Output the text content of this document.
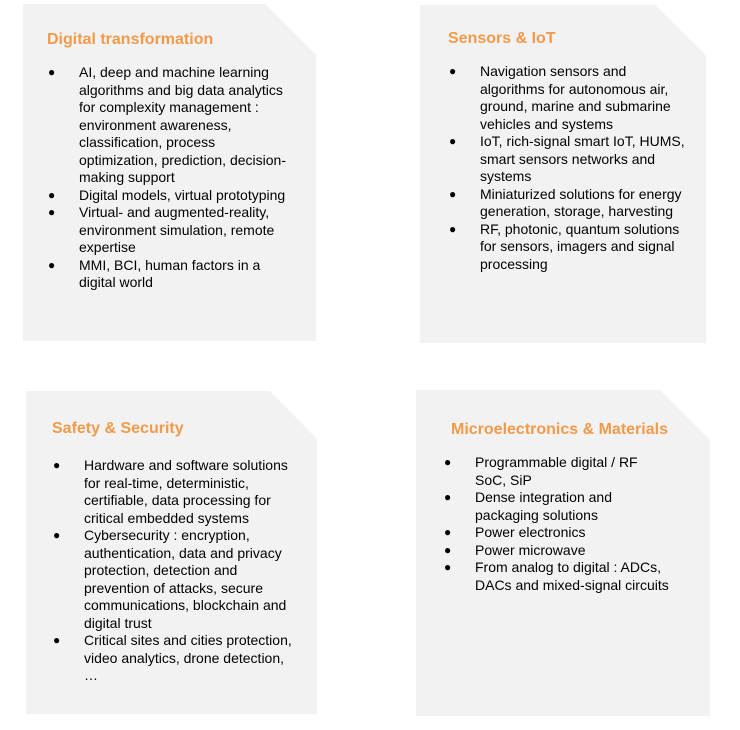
Digital transformation
● AI, deep and machine learning algorithms and big data analytics for complexity management : environment awareness, classification, process optimization, prediction, decision-making support
● Digital models, virtual prototyping
● Virtual- and augmented-reality, environment simulation, remote expertise
● MMI, BCI, human factors in a digital world
Sensors & IoT
● Navigation sensors and algorithms for autonomous air, ground, marine and submarine vehicles and systems
● IoT, rich-signal smart IoT, HUMS, smart sensors networks and systems
● Miniaturized solutions for energy generation, storage, harvesting
● RF, photonic, quantum solutions for sensors, imagers and signal processing
Safety & Security
● Hardware and software solutions for real-time, deterministic, certifiable, data processing for critical embedded systems
● Cybersecurity : encryption, authentication, data and privacy protection, detection and prevention of attacks, secure communications, blockchain and digital trust
● Critical sites and cities protection, video analytics, drone detection, …
Microelectronics & Materials
● Programmable digital / RF SoC, SiP
● Dense integration and packaging solutions
● Power electronics
● Power microwave
● From analog to digital : ADCs, DACs and mixed-signal circuits
